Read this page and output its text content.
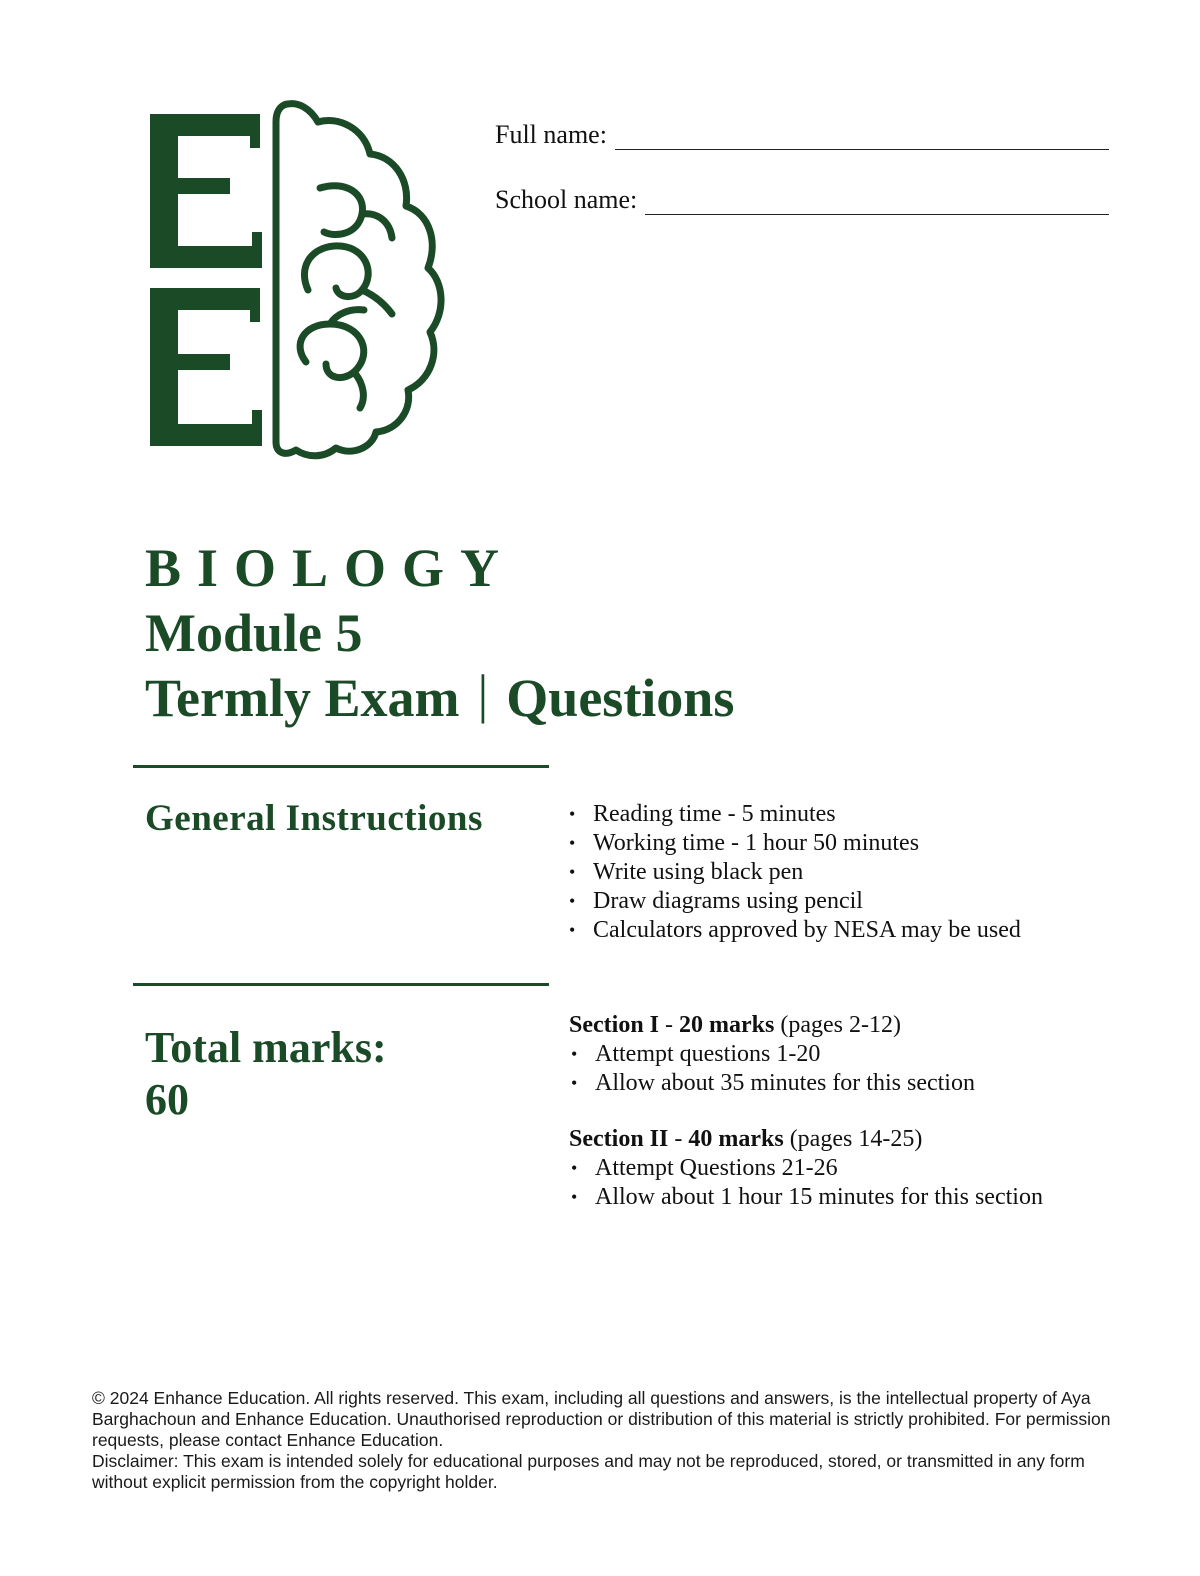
Full name:
School name:
BIOLOGY
Module 5
Termly Exam | Questions
General Instructions
•	Reading time - 5 minutes
• Working time - 1 hour 50 minutes
• Write using black pen
• Draw diagrams using pencil
• Calculators approved by NESA may be used
Total marks:
60
Section I - 20 marks (pages 2-12)
• Attempt questions 1-20
• Allow about 35 minutes for this section
Section II - 40 marks (pages 14-25)
• Attempt Questions 21-26
• Allow about 1 hour 15 minutes for this section

© 2024 Enhance Education. All rights reserved. This exam, including all questions and answers, is the intellectual property of Aya Barghachoun and Enhance Education. Unauthorised reproduction or distribution of this material is strictly prohibited. For permission requests, please contact Enhance Education.

Disclaimer: This exam is intended solely for educational purposes and may not be reproduced, stored, or transmitted in any form without explicit permission from the copyright holder.
